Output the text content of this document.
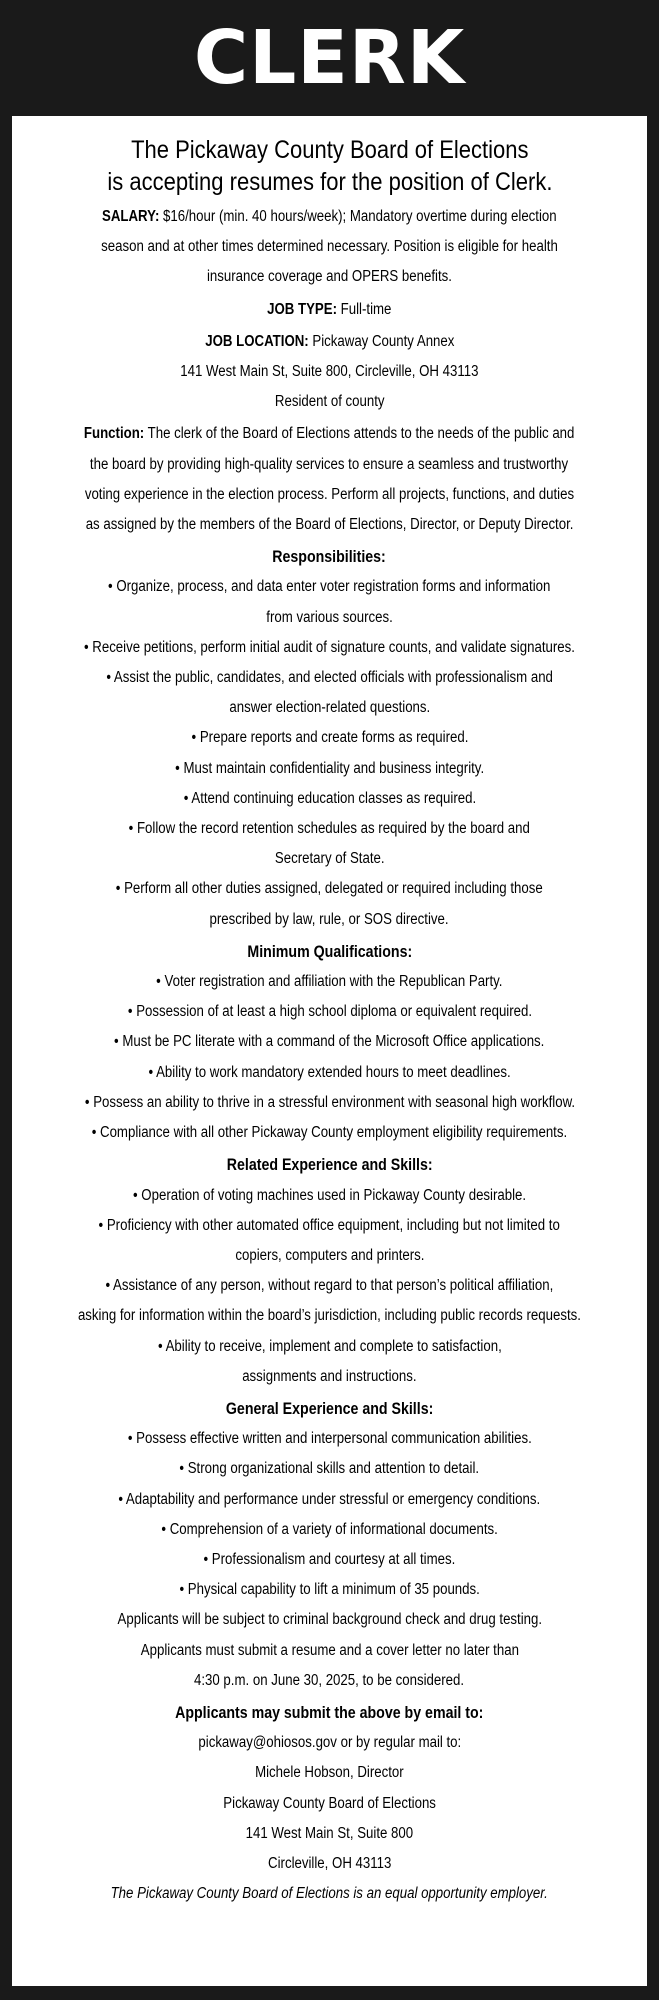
CLERK
The Pickaway County Board of Elections
is accepting resumes for the position of Clerk.
SALARY: $16/hour (min. 40 hours/week); Mandatory overtime during election
season and at other times determined necessary. Position is eligible for health
insurance coverage and OPERS benefits.
JOB TYPE: Full-time
JOB LOCATION: Pickaway County Annex
141 West Main St, Suite 800, Circleville, OH 43113
Resident of county
Function: The clerk of the Board of Elections attends to the needs of the public and
the board by providing high-quality services to ensure a seamless and trustworthy
voting experience in the election process. Perform all projects, functions, and duties
as assigned by the members of the Board of Elections, Director, or Deputy Director.
Responsibilities:
• Organize, process, and data enter voter registration forms and information
from various sources.
• Receive petitions, perform initial audit of signature counts, and validate signatures.
• Assist the public, candidates, and elected officials with professionalism and
answer election-related questions.
• Prepare reports and create forms as required.
• Must maintain confidentiality and business integrity.
• Attend continuing education classes as required.
• Follow the record retention schedules as required by the board and
Secretary of State.
• Perform all other duties assigned, delegated or required including those
prescribed by law, rule, or SOS directive.
Minimum Qualifications:
• Voter registration and affiliation with the Republican Party.
• Possession of at least a high school diploma or equivalent required.
• Must be PC literate with a command of the Microsoft Office applications.
• Ability to work mandatory extended hours to meet deadlines.
• Possess an ability to thrive in a stressful environment with seasonal high workflow.
• Compliance with all other Pickaway County employment eligibility requirements.
Related Experience and Skills:
• Operation of voting machines used in Pickaway County desirable.
• Proficiency with other automated office equipment, including but not limited to
copiers, computers and printers.
• Assistance of any person, without regard to that person’s political affiliation,
asking for information within the board’s jurisdiction, including public records requests.
• Ability to receive, implement and complete to satisfaction,
assignments and instructions.
General Experience and Skills:
• Possess effective written and interpersonal communication abilities.
• Strong organizational skills and attention to detail.
• Adaptability and performance under stressful or emergency conditions.
• Comprehension of a variety of informational documents.
• Professionalism and courtesy at all times.
• Physical capability to lift a minimum of 35 pounds.
Applicants will be subject to criminal background check and drug testing.
Applicants must submit a resume and a cover letter no later than
4:30 p.m. on June 30, 2025, to be considered.
Applicants may submit the above by email to:
pickaway@ohiosos.gov or by regular mail to:
Michele Hobson, Director
Pickaway County Board of Elections
141 West Main St, Suite 800
Circleville, OH 43113
The Pickaway County Board of Elections is an equal opportunity employer.
